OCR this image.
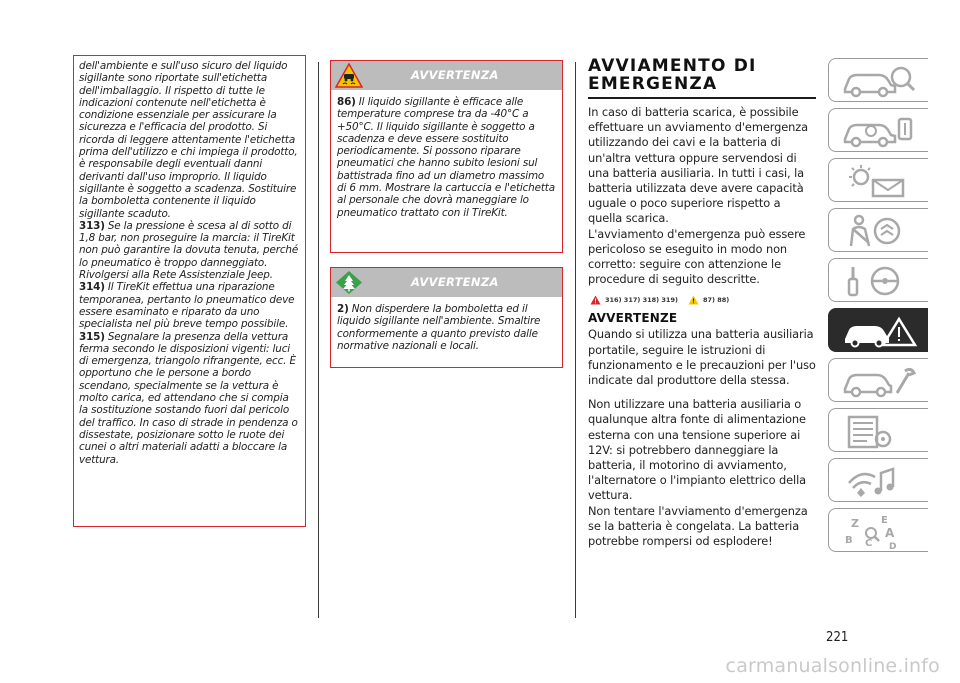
dell'ambiente e sull'uso sicuro del liquido sigillante sono riportate sull'etichetta dell'imballaggio. Il rispetto di tutte le indicazioni contenute nell'etichetta è condizione essenziale per assicurare la sicurezza e l'efficacia del prodotto. Si ricorda di leggere attentamente l'etichetta prima dell'utilizzo e chi impiega il prodotto, è responsabile degli eventuali danni derivanti dall'uso improprio. Il liquido sigillante è soggetto a scadenza. Sostituire la bomboletta contenente il liquido sigillante scaduto.

313) Se la pressione è scesa al di sotto di 1,8 bar, non proseguire la marcia: il TireKit non può garantire la dovuta tenuta, perché lo pneumatico è troppo danneggiato. Rivolgersi alla Rete Assistenziale Jeep.

314) Il TireKit effettua una riparazione temporanea, pertanto lo pneumatico deve essere esaminato e riparato da uno specialista nel più breve tempo possibile.

315) Segnalare la presenza della vettura ferma secondo le disposizioni vigenti: luci di emergenza, triangolo rifrangente, ecc. È opportuno che le persone a bordo scendano, specialmente se la vettura è molto carica, ed attendano che si compia la sostituzione sostando fuori dal pericolo del traffico. In caso di strade in pendenza o dissestate, posizionare sotto le ruote dei cunei o altri materiali adatti a bloccare la vettura.

AVVERTENZA

86) Il liquido sigillante è efficace alle temperature comprese tra da -40°C a +50°C. Il liquido sigillante è soggetto a scadenza e deve essere sostituito periodicamente. Si possono riparare pneumatici che hanno subito lesioni sul battistrada fino ad un diametro massimo di 6 mm. Mostrare la cartuccia e l'etichetta al personale che dovrà maneggiare lo pneumatico trattato con il TireKit.

AVVERTENZA

2) Non disperdere la bomboletta ed il liquido sigillante nell'ambiente. Smaltire conformemente a quanto previsto dalle normative nazionali e locali.

AVVIAMENTO DI
EMERGENZA

In caso di batteria scarica, è possibile effettuare un avviamento d'emergenza utilizzando dei cavi e la batteria di un'altra vettura oppure servendosi di una batteria ausiliaria. In tutti i casi, la batteria utilizzata deve avere capacità uguale o poco superiore rispetto a quella scarica.

L'avviamento d'emergenza può essere pericoloso se eseguito in modo non corretto: seguire con attenzione le procedure di seguito descritte.

316) 317) 318) 319)	87) 88)
AVVERTENZE

Quando si utilizza una batteria ausiliaria portatile, seguire le istruzioni di funzionamento e le precauzioni per l'uso indicate dal produttore della stessa.

Non utilizzare una batteria ausiliaria o qualunque altra fonte di alimentazione esterna con una tensione superiore ai 12V: si potrebbero danneggiare la batteria, il motorino di avviamento, l'alternatore o l'impianto elettrico della vettura.

Non tentare l'avviamento d'emergenza se la batteria è congelata. La batteria potrebbe rompersi od esplodere!

Z E
B C
A
D
221
carmanualsonline.info
